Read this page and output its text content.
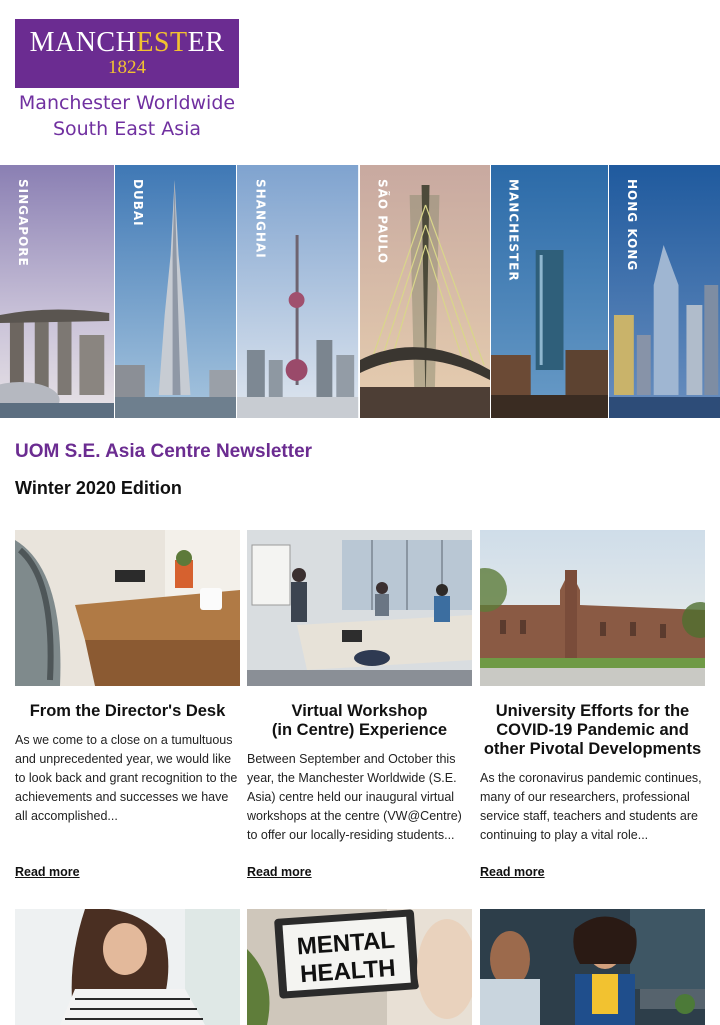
MANCHESTER
1824
Manchester Worldwide
South East Asia
SINGAPORE	DUBAI	SHANGHAI	SÃO PAULO	MANCHESTER	HONG KONG
UOM S.E. Asia Centre Newsletter
Winter 2020 Edition
From the Director's Desk

As we come to a close on a tumultuous and unprecedented year, we would like to look back and grant recognition to the achievements and successes we have all accomplished...

Read more
Virtual Workshop
(in Centre) Experience

Between September and October this year, the Manchester Worldwide (S.E. Asia) centre held our inaugural virtual workshops at the centre (VW@Centre) to offer our locally-residing students...

Read more
University Efforts for the COVID-19 Pandemic and other Pivotal Developments

As the coronavirus pandemic continues, many of our researchers, professional service staff, teachers and students are continuing to play a vital role...

Read more
MENTAL
HEALTH
